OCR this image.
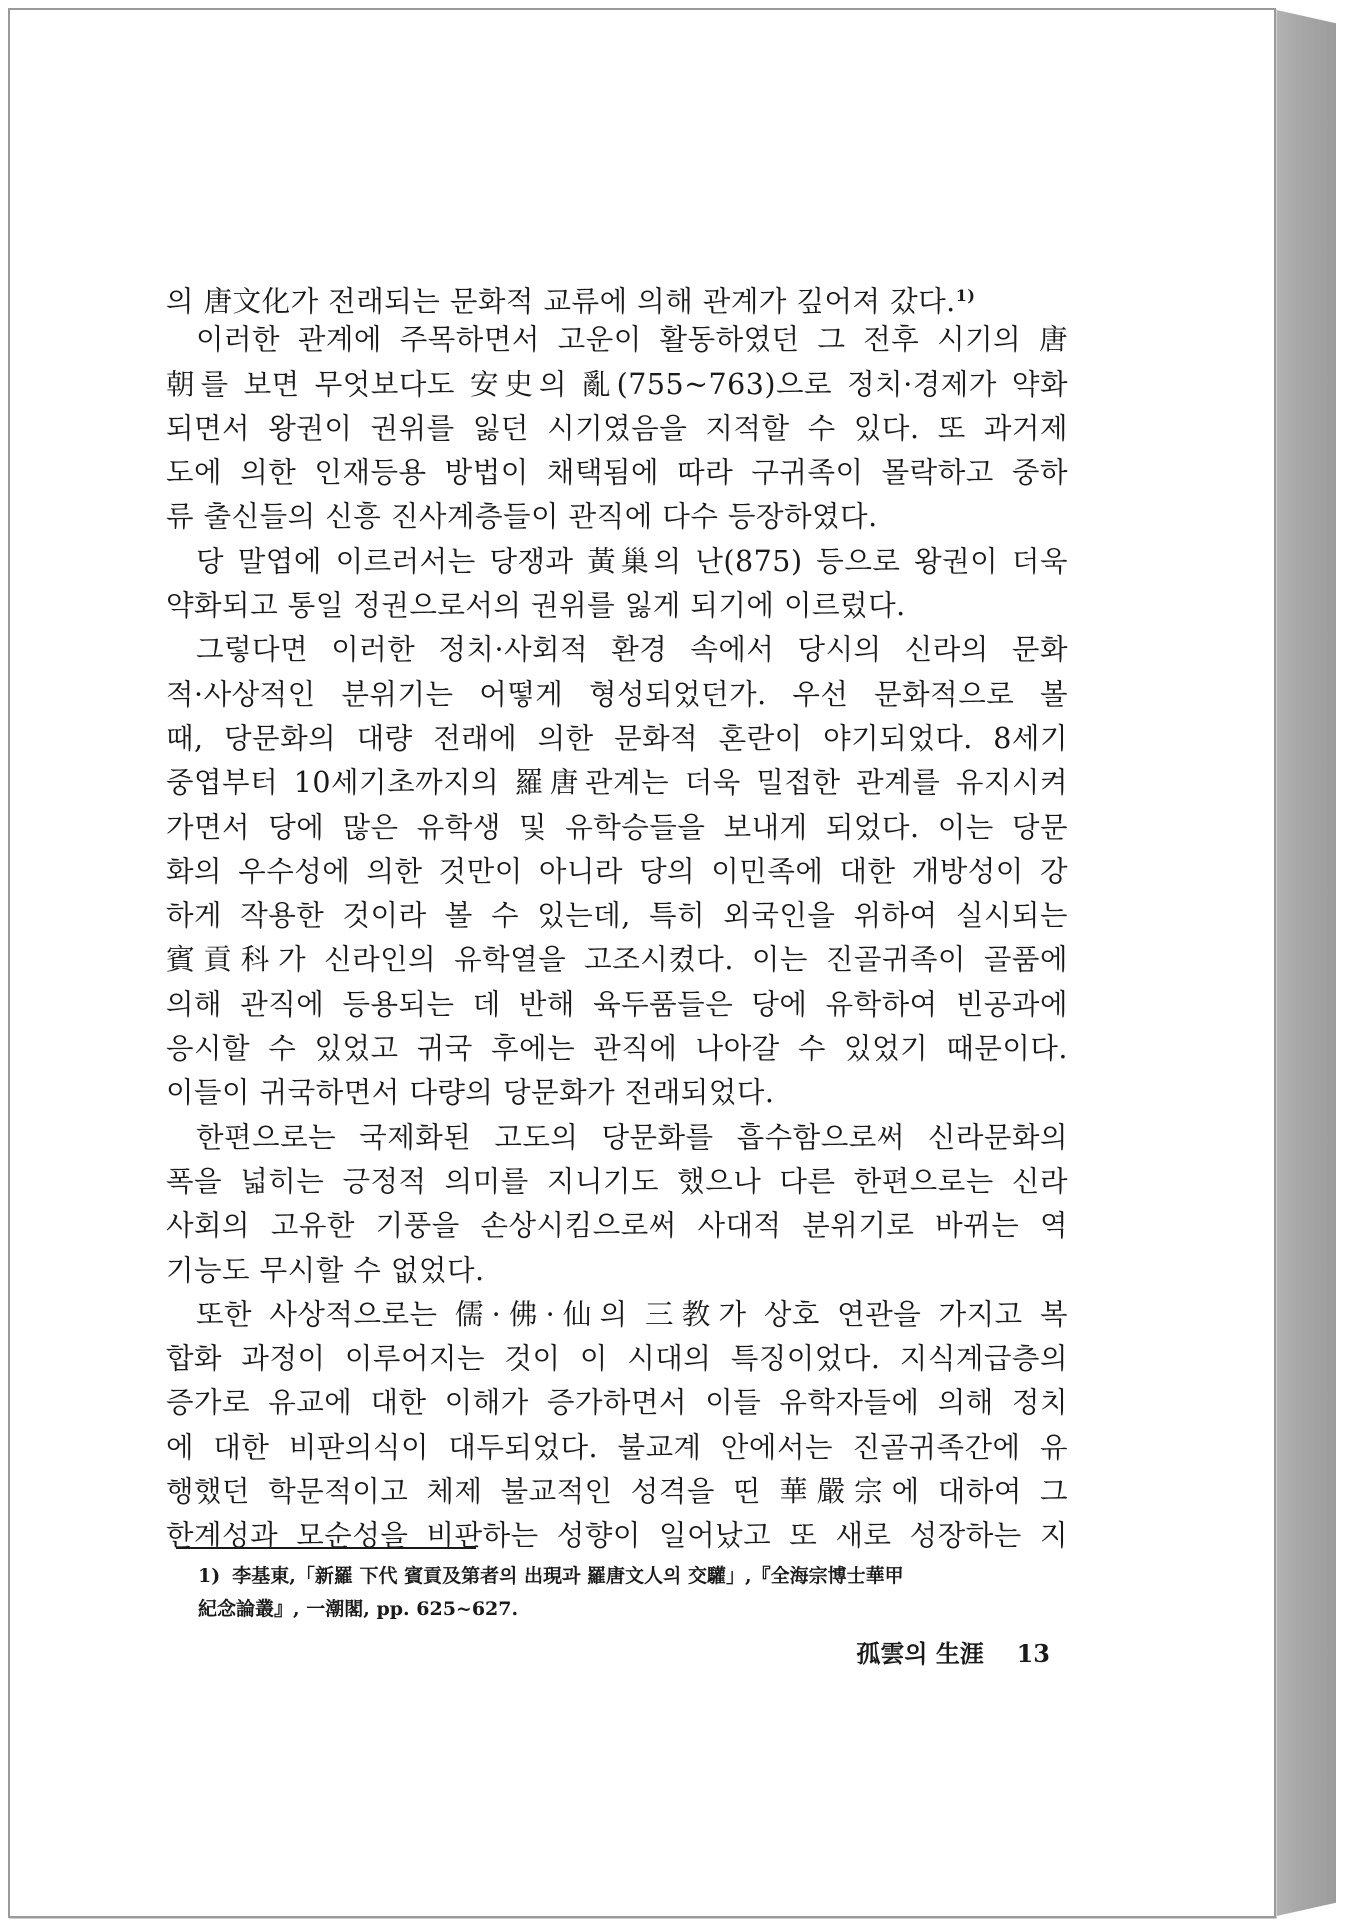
의 唐文化가 전래되는 문화적 교류에 의해 관계가 깊어져 갔다.$^{1)}$
이러한 관계에 주목하면서 고운이 활동하였던 그 전후 시기의 唐
朝를 보면 무엇보다도 安史의 亂(755~763)으로 정치·경제가 약화
되면서 왕권이 권위를 잃던 시기였음을 지적할 수 있다. 또 과거제
도에 의한 인재등용 방법이 채택됨에 따라 구귀족이 몰락하고 중하
류 출신들의 신흥 진사계층들이 관직에 다수 등장하였다.
당 말엽에 이르러서는 당쟁과 黃巢의 난(875) 등으로 왕권이 더욱
약화되고 통일 정권으로서의 권위를 잃게 되기에 이르렀다.
그렇다면 이러한 정치·사회적 환경 속에서 당시의 신라의 문화
적·사상적인 분위기는 어떻게 형성되었던가. 우선 문화적으로 볼
때, 당문화의 대량 전래에 의한 문화적 혼란이 야기되었다. 8세기
중엽부터 10세기초까지의 羅唐관계는 더욱 밀접한 관계를 유지시켜
가면서 당에 많은 유학생 및 유학승들을 보내게 되었다. 이는 당문
화의 우수성에 의한 것만이 아니라 당의 이민족에 대한 개방성이 강
하게 작용한 것이라 볼 수 있는데, 특히 외국인을 위하여 실시되는
賓貢科가 신라인의 유학열을 고조시켰다. 이는 진골귀족이 골품에
의해 관직에 등용되는 데 반해 육두품들은 당에 유학하여 빈공과에
응시할 수 있었고 귀국 후에는 관직에 나아갈 수 있었기 때문이다.
이들이 귀국하면서 다량의 당문화가 전래되었다.
한편으로는 국제화된 고도의 당문화를 흡수함으로써 신라문화의
폭을 넓히는 긍정적 의미를 지니기도 했으나 다른 한편으로는 신라
사회의 고유한 기풍을 손상시킴으로써 사대적 분위기로 바뀌는 역
기능도 무시할 수 없었다.
또한 사상적으로는 儒·佛·仙의 三教가 상호 연관을 가지고 복
합화 과정이 이루어지는 것이 이 시대의 특징이었다. 지식계급층의
증가로 유교에 대한 이해가 증가하면서 이들 유학자들에 의해 정치
에 대한 비판의식이 대두되었다. 불교계 안에서는 진골귀족간에 유
행했던 학문적이고 체제 불교적인 성격을 띤 華嚴宗에 대하여 그
한계성과 모순성을 비판하는 성향이 일어났고 또 새로 성장하는 지
1) 李基東,「新羅 下代 賓貢及第者의 出現과 羅唐文人의 交驩」,『全海宗博士華甲
紀念論叢』, 一潮閣, pp. 625~627.
孤雲의 生涯 13
